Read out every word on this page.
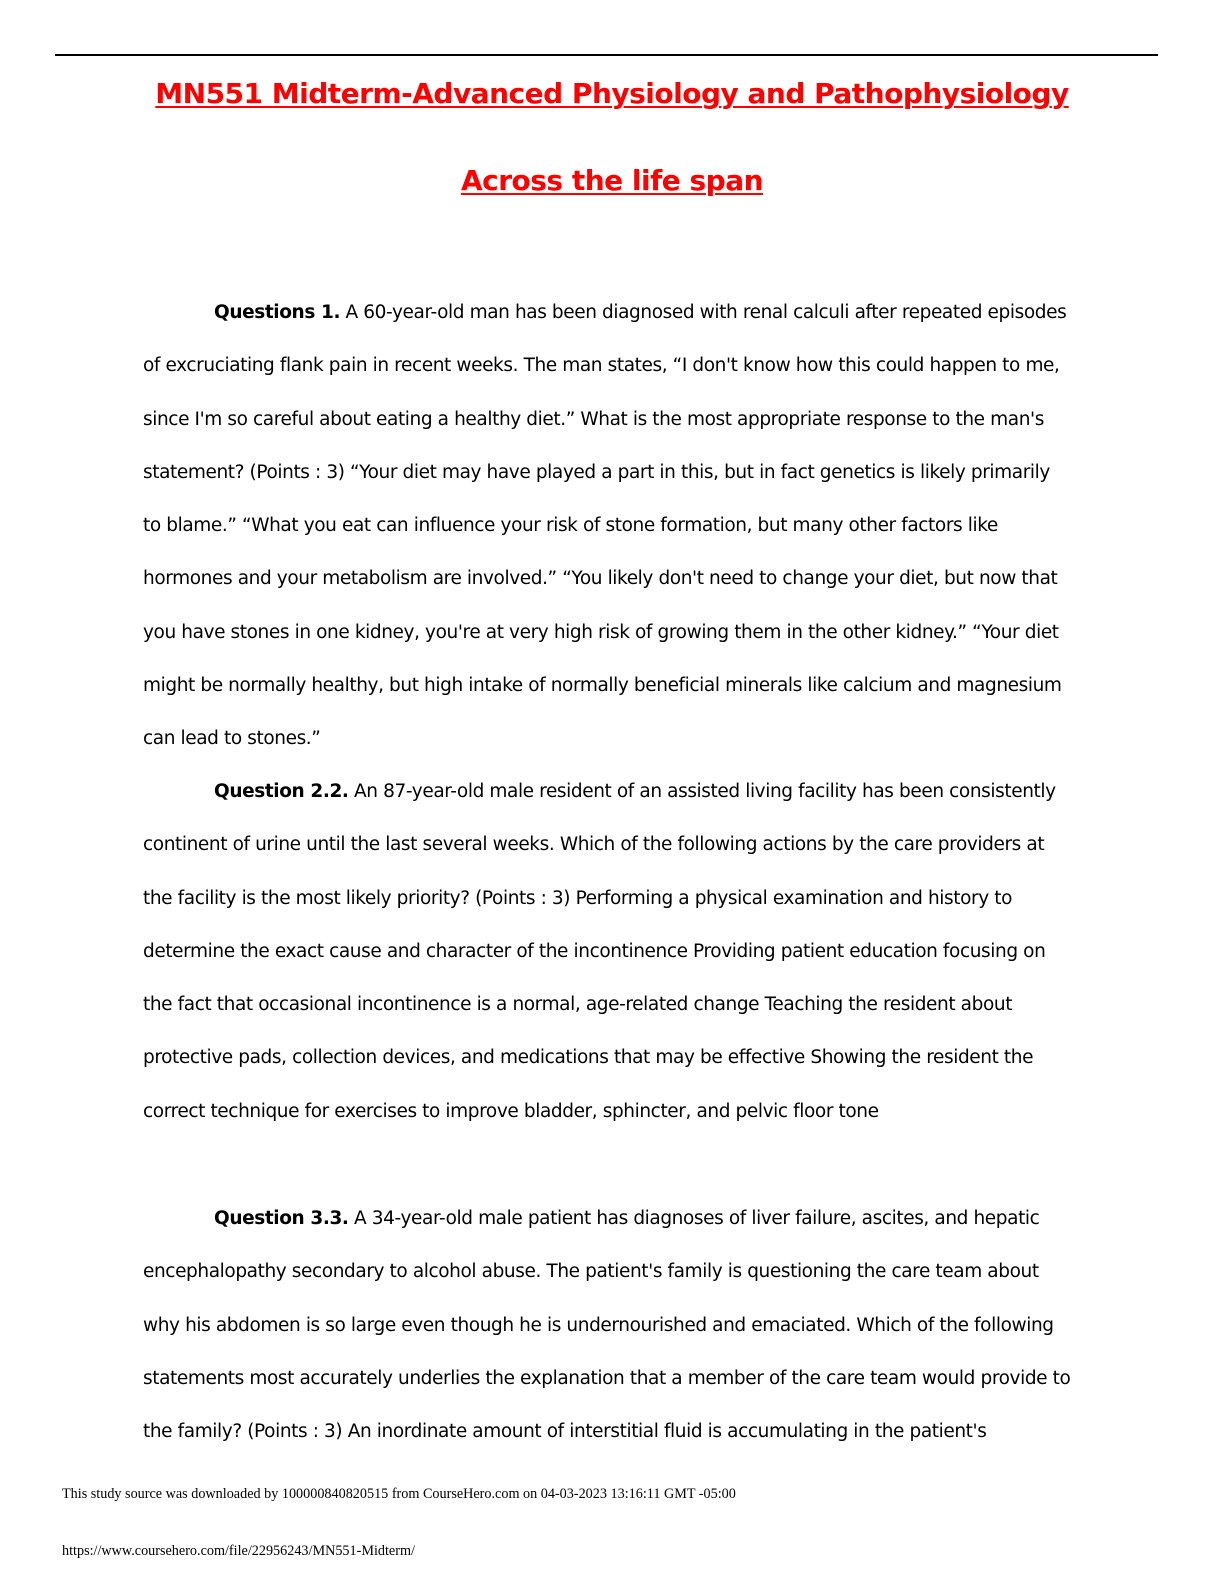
MN551 Midterm-Advanced Physiology and Pathophysiology
Across the life span

Questions 1. A 60-year-old man has been diagnosed with renal calculi after repeated episodes of excruciating flank pain in recent weeks. The man states, “I don't know how this could happen to me, since I'm so careful about eating a healthy diet.” What is the most appropriate response to the man's statement? (Points : 3) “Your diet may have played a part in this, but in fact genetics is likely primarily to blame.” “What you eat can influence your risk of stone formation, but many other factors like hormones and your metabolism are involved.” “You likely don't need to change your diet, but now that you have stones in one kidney, you're at very high risk of growing them in the other kidney.” “Your diet might be normally healthy, but high intake of normally beneficial minerals like calcium and magnesium can lead to stones.”

Question 2.2. An 87-year-old male resident of an assisted living facility has been consistently continent of urine until the last several weeks. Which of the following actions by the care providers at the facility is the most likely priority? (Points : 3) Performing a physical examination and history to determine the exact cause and character of the incontinence Providing patient education focusing on the fact that occasional incontinence is a normal, age-related change Teaching the resident about protective pads, collection devices, and medications that may be effective Showing the resident the correct technique for exercises to improve bladder, sphincter, and pelvic floor tone

Question 3.3. A 34-year-old male patient has diagnoses of liver failure, ascites, and hepatic encephalopathy secondary to alcohol abuse. The patient's family is questioning the care team about why his abdomen is so large even though he is undernourished and emaciated. Which of the following statements most accurately underlies the explanation that a member of the care team would provide to the family? (Points : 3) An inordinate amount of interstitial fluid is accumulating in the patient's

This study source was downloaded by 100000840820515 from CourseHero.com on 04-03-2023 13:16:11 GMT -05:00
https://www.coursehero.com/file/22956243/MN551-Midterm/
